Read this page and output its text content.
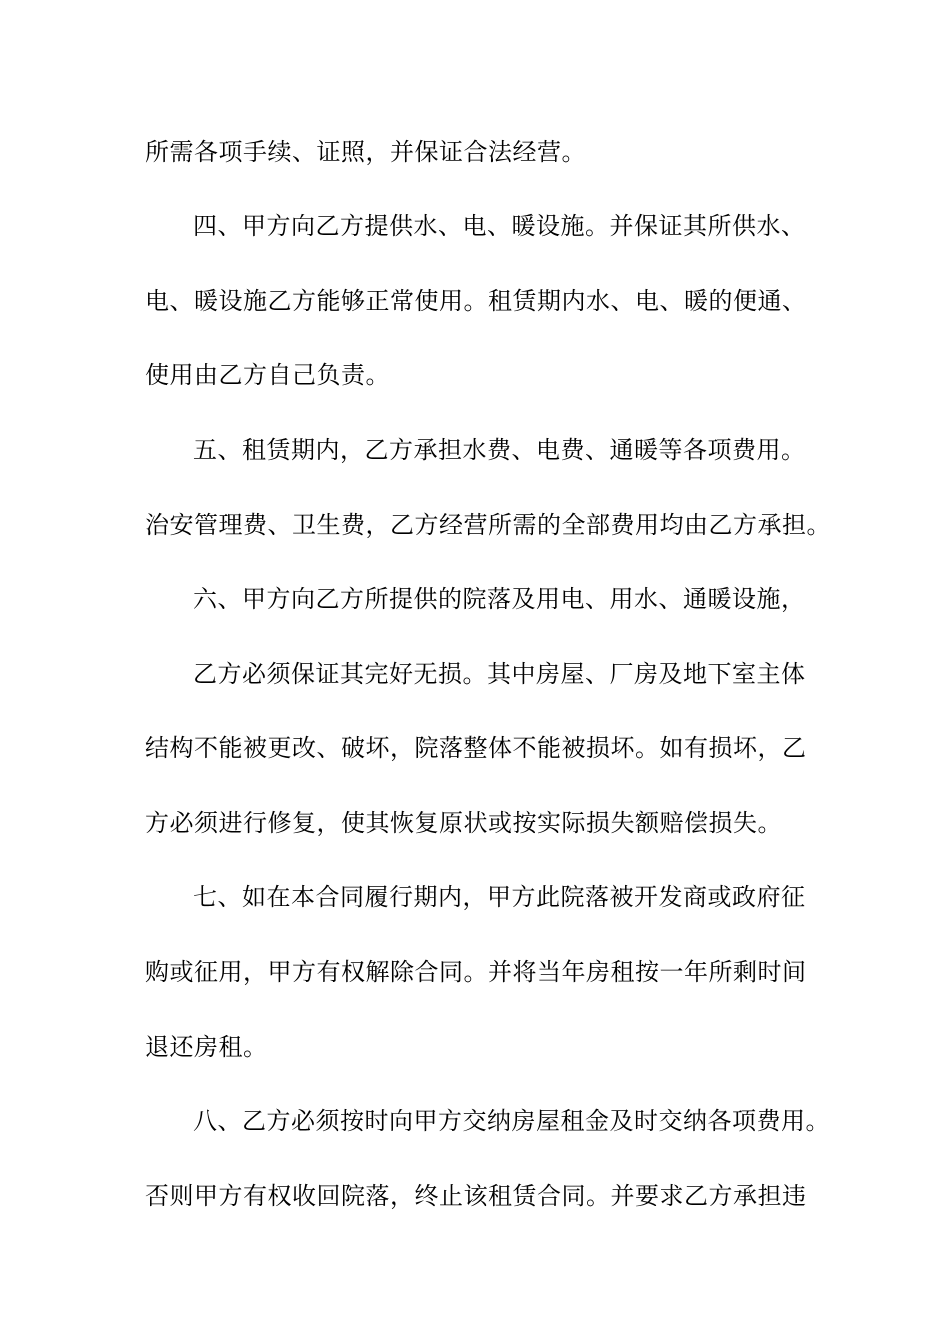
所需各项手续、证照，并保证合法经营。
四、甲方向乙方提供水、电、暖设施。并保证其所供水、
电、暖设施乙方能够正常使用。租赁期内水、电、暖的便通、
使用由乙方自己负责。
五、租赁期内，乙方承担水费、电费、通暖等各项费用。
治安管理费、卫生费，乙方经营所需的全部费用均由乙方承担。
六、甲方向乙方所提供的院落及用电、用水、通暖设施，
乙方必须保证其完好无损。其中房屋、厂房及地下室主体
结构不能被更改、破坏，院落整体不能被损坏。如有损坏，乙
方必须进行修复，使其恢复原状或按实际损失额赔偿损失。
七、如在本合同履行期内，甲方此院落被开发商或政府征
购或征用，甲方有权解除合同。并将当年房租按一年所剩时间
退还房租。
八、乙方必须按时向甲方交纳房屋租金及时交纳各项费用。
否则甲方有权收回院落，终止该租赁合同。并要求乙方承担违
